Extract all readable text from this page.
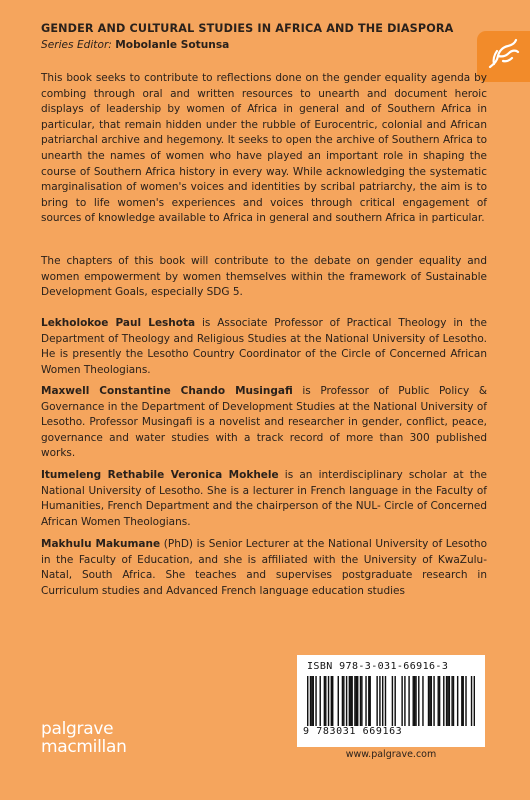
GENDER AND CULTURAL STUDIES IN AFRICA AND THE DIASPORA
Series Editor: Mobolanle Sotunsa

This book seeks to contribute to reflections done on the gender equality agenda by combing through oral and written resources to unearth and document heroic displays of leadership by women of Africa in general and of Southern Africa in particular, that remain hidden under the rubble of Eurocentric, colonial and African patriarchal archive and hegemony. It seeks to open the archive of Southern Africa to unearth the names of women who have played an important role in shaping the course of Southern Africa history in every way. While acknowledging the systematic marginalisation of women's voices and identities by scribal patriarchy, the aim is to bring to life women's experiences and voices through critical engagement of sources of knowledge available to Africa in general and southern Africa in particular.

The chapters of this book will contribute to the debate on gender equality and women empowerment by women themselves within the framework of Sustainable Development Goals, especially SDG 5.

Lekholokoe Paul Leshota is Associate Professor of Practical Theology in the Department of Theology and Religious Studies at the National University of Lesotho. He is presently the Lesotho Country Coordinator of the Circle of Concerned African Women Theologians.

Maxwell Constantine Chando Musingafi is Professor of Public Policy & Governance in the Department of Development Studies at the National University of Lesotho. Professor Musingafi is a novelist and researcher in gender, conflict, peace, governance and water studies with a track record of more than 300 published works.

Itumeleng Rethabile Veronica Mokhele is an interdisciplinary scholar at the National University of Lesotho. She is a lecturer in French language in the Faculty of Humanities, French Department and the chairperson of the NUL- Circle of Concerned African Women Theologians.

Makhulu Makumane (PhD) is Senior Lecturer at the National University of Lesotho in the Faculty of Education, and she is affiliated with the University of KwaZulu-Natal, South Africa. She teaches and supervises postgraduate research in Curriculum studies and Advanced French language education studies

ISBN 978-3-031-66916-3
9 783031 669163
www.palgrave.com
palgrave
macmillan
